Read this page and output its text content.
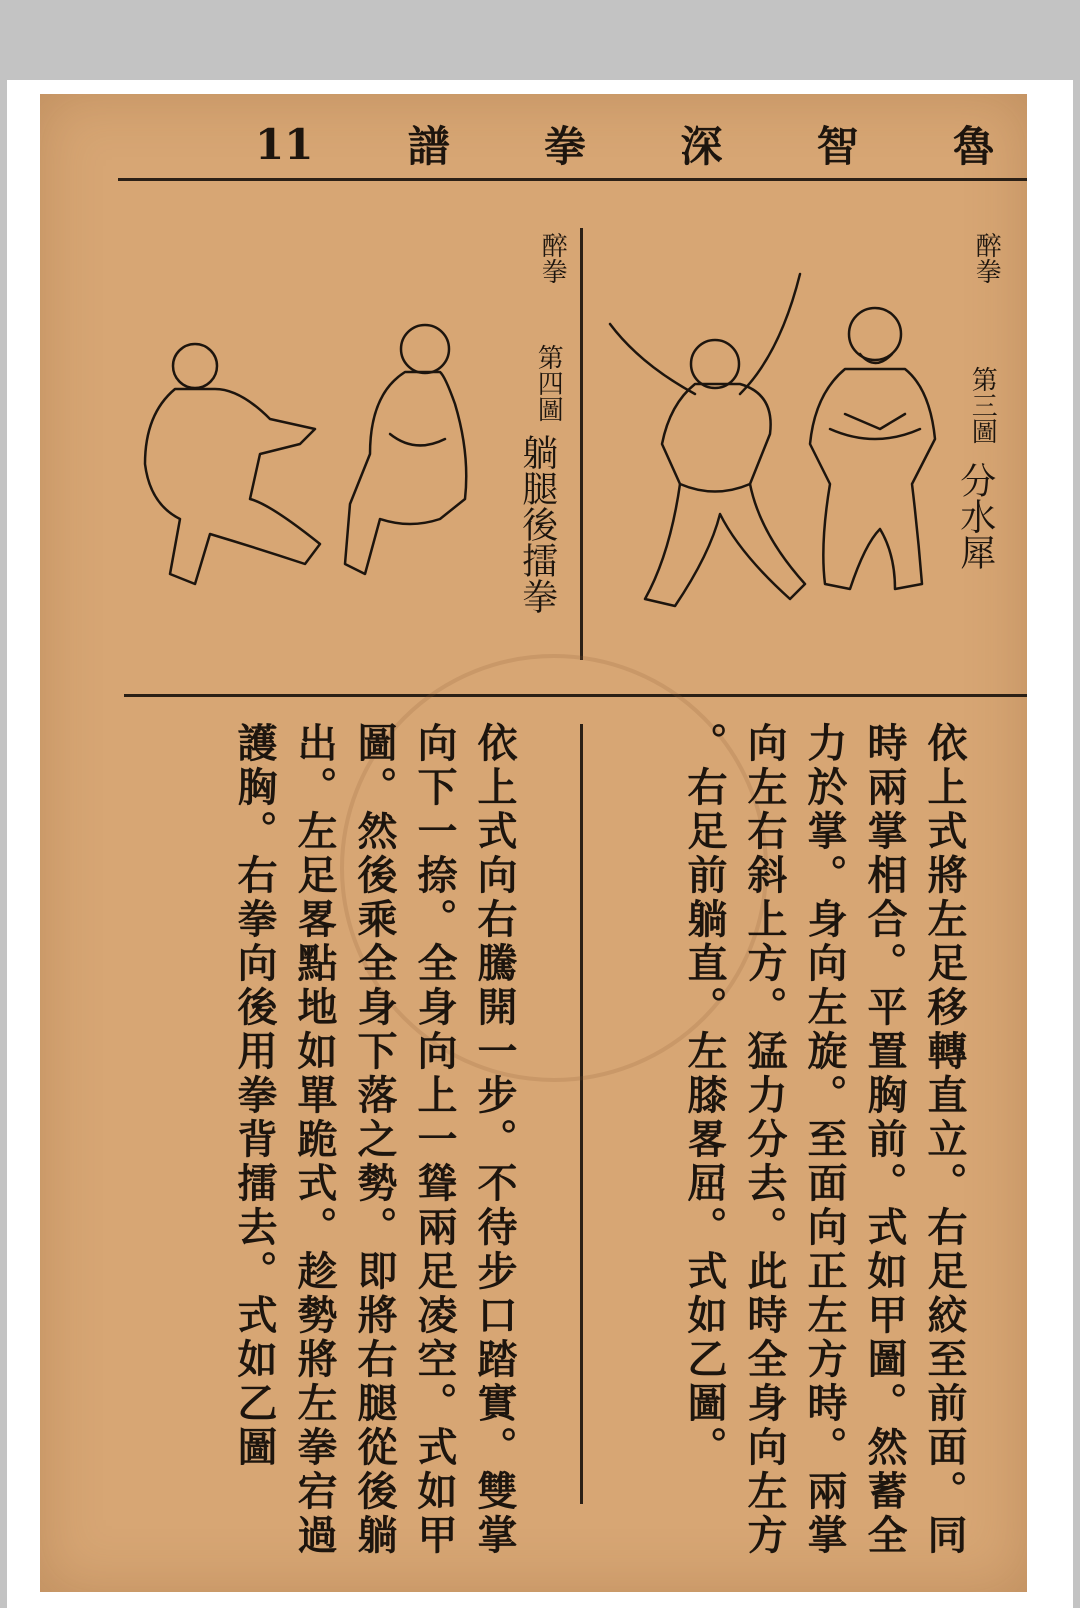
11 譜 拳 深 智 魯
醉拳
第三圖
分水犀
醉拳
第四圖
躺腿後擂拳
依上式將左足移轉直立。右足絞至前面。同
時兩掌相合。平置胸前。式如甲圖。然蓄全
力於掌。身向左旋。至面向正左方時。兩掌
向左右斜上方。猛力分去。此時全身向左方
。右足前躺直。左膝畧屈。式如乙圖。
依上式向右騰開一步。不待步口踏實。雙掌
向下一捺。全身向上一聳兩足凌空。式如甲
圖。然後乘全身下落之勢。即將右腿從後躺
出。左足畧點地如單跪式。趁勢將左拳宕過
護胸。右拳向後用拳背擂去。式如乙圖
